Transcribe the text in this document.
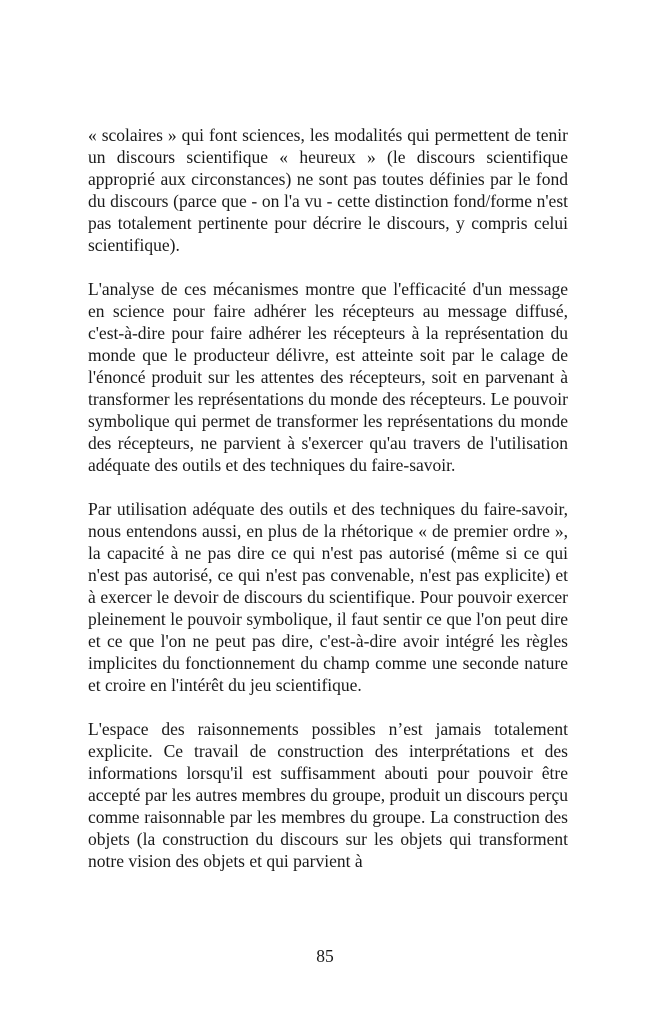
« scolaires » qui font sciences, les modalités qui permettent de tenir un discours scientifique « heureux » (le discours scientifique approprié aux circonstances) ne sont pas toutes définies par le fond du discours (parce que - on l'a vu - cette distinction fond/forme n'est pas totalement pertinente pour décrire le discours, y compris celui scientifique).

L'analyse de ces mécanismes montre que l'efficacité d'un message en science pour faire adhérer les récepteurs au message diffusé, c'est-à-dire pour faire adhérer les récepteurs à la représentation du monde que le producteur délivre, est atteinte soit par le calage de l'énoncé produit sur les attentes des récepteurs, soit en parvenant à transformer les représentations du monde des récepteurs. Le pouvoir symbolique qui permet de transformer les représentations du monde des récepteurs, ne parvient à s'exercer qu'au travers de l'utilisation adéquate des outils et des techniques du faire-savoir.

Par utilisation adéquate des outils et des techniques du faire-savoir, nous entendons aussi, en plus de la rhétorique « de premier ordre », la capacité à ne pas dire ce qui n'est pas autorisé (même si ce qui n'est pas autorisé, ce qui n'est pas convenable, n'est pas explicite) et à exercer le devoir de discours du scientifique. Pour pouvoir exercer pleinement le pouvoir symbolique, il faut sentir ce que l'on peut dire et ce que l'on ne peut pas dire, c'est-à-dire avoir intégré les règles implicites du fonctionnement du champ comme une seconde nature et croire en l'intérêt du jeu scientifique.

L'espace des raisonnements possibles n’est jamais totalement explicite. Ce travail de construction des interprétations et des informations lorsqu'il est suffisamment abouti pour pouvoir être accepté par les autres membres du groupe, produit un discours perçu comme raisonnable par les membres du groupe. La construction des objets (la construction du discours sur les objets qui transforment notre vision des objets et qui parvient à

85
